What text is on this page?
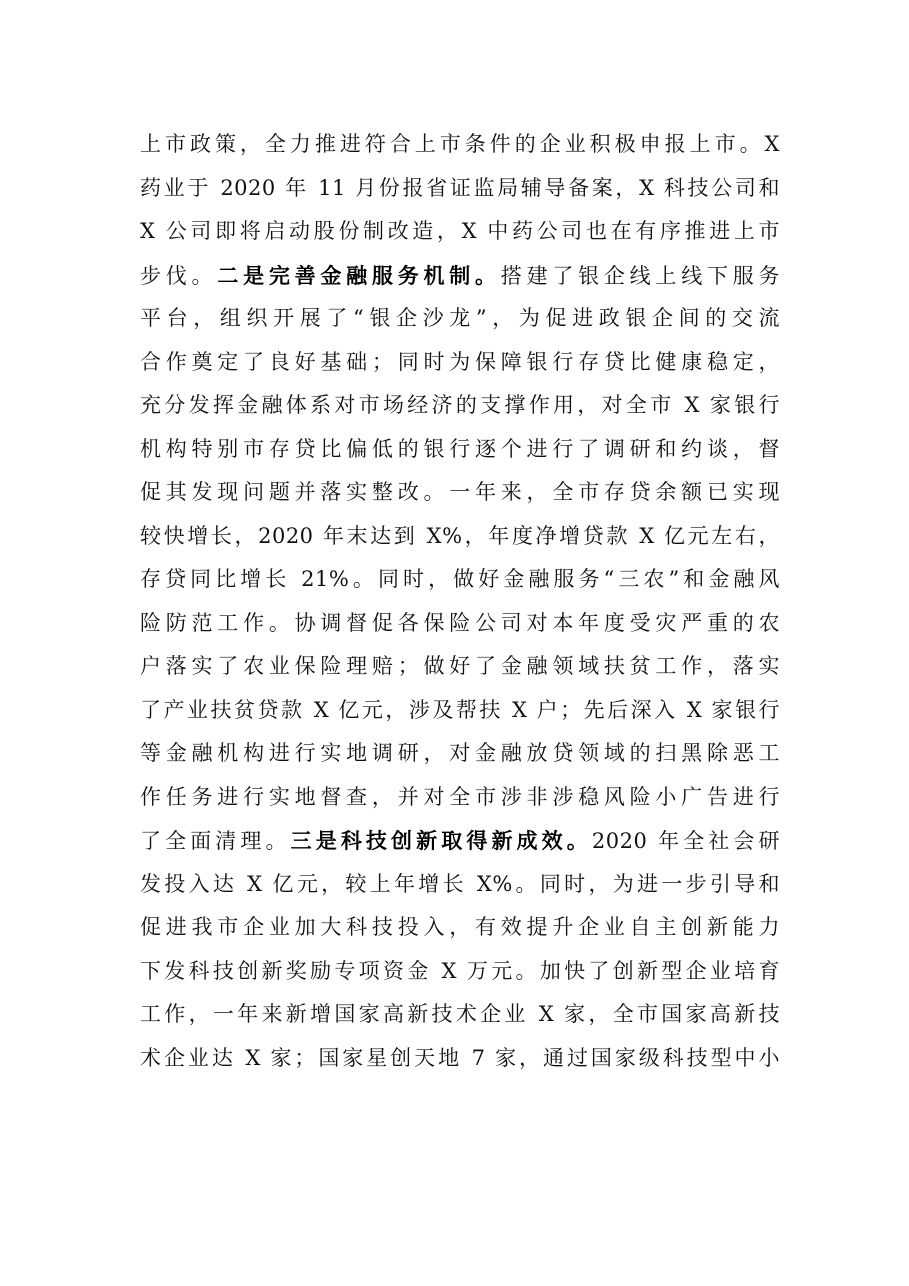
上市政策，全力推进符合上市条件的企业积极申报上市。X
药业于 2020 年 11 月份报省证监局辅导备案，X 科技公司和
X 公司即将启动股份制改造，X 中药公司也在有序推进上市
步伐。二是完善金融服务机制。搭建了银企线上线下服务
平台，组织开展了“银企沙龙”，为促进政银企间的交流
合作奠定了良好基础；同时为保障银行存贷比健康稳定，
充分发挥金融体系对市场经济的支撑作用，对全市 X 家银行
机构特别市存贷比偏低的银行逐个进行了调研和约谈，督
促其发现问题并落实整改。一年来，全市存贷余额已实现
较快增长，2020 年末达到 X%，年度净增贷款 X 亿元左右，
存贷同比增长 21%。同时，做好金融服务“三农”和金融风
险防范工作。协调督促各保险公司对本年度受灾严重的农
户落实了农业保险理赔；做好了金融领域扶贫工作，落实
了产业扶贫贷款 X 亿元，涉及帮扶 X 户；先后深入 X 家银行
等金融机构进行实地调研，对金融放贷领域的扫黑除恶工
作任务进行实地督查，并对全市涉非涉稳风险小广告进行
了全面清理。三是科技创新取得新成效。2020 年全社会研
发投入达 X 亿元，较上年增长 X%。同时，为进一步引导和
促进我市企业加大科技投入，有效提升企业自主创新能力
下发科技创新奖励专项资金 X 万元。加快了创新型企业培育
工作，一年来新增国家高新技术企业 X 家，全市国家高新技
术企业达 X 家；国家星创天地 7 家，通过国家级科技型中小
